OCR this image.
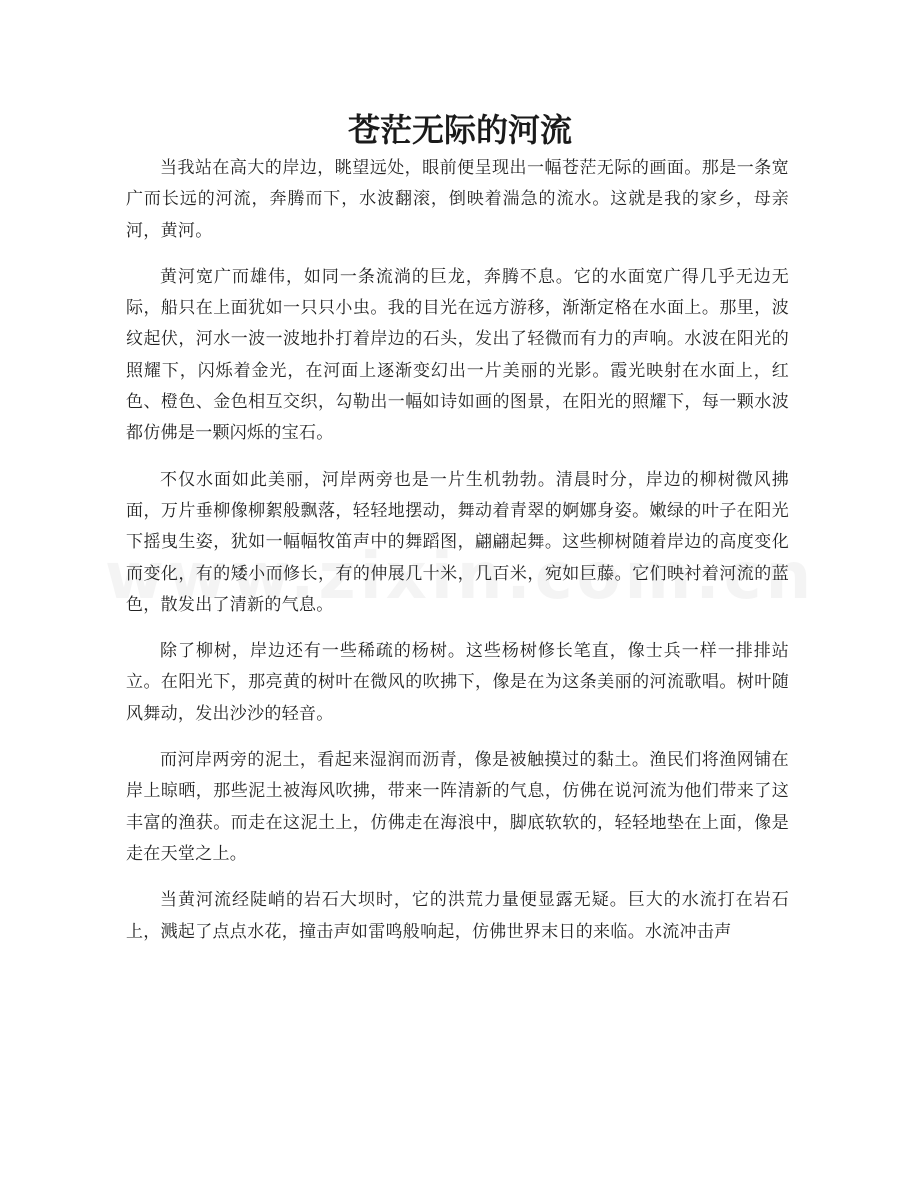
苍茫无际的河流

当我站在高大的岸边，眺望远处，眼前便呈现出一幅苍茫无际的画面。那是一条宽广而长远的河流，奔腾而下，水波翻滚，倒映着湍急的流水。这就是我的家乡，母亲河，黄河。

黄河宽广而雄伟，如同一条流淌的巨龙，奔腾不息。它的水面宽广得几乎无边无际，船只在上面犹如一只只小虫。我的目光在远方游移，渐渐定格在水面上。那里，波纹起伏，河水一波一波地扑打着岸边的石头，发出了轻微而有力的声响。水波在阳光的照耀下，闪烁着金光，在河面上逐渐变幻出一片美丽的光影。霞光映射在水面上，红色、橙色、金色相互交织，勾勒出一幅如诗如画的图景，在阳光的照耀下，每一颗水波都仿佛是一颗闪烁的宝石。

不仅水面如此美丽，河岸两旁也是一片生机勃勃。清晨时分，岸边的柳树微风拂面，万片垂柳像柳絮般飘落，轻轻地摆动，舞动着青翠的婀娜身姿。嫩绿的叶子在阳光下摇曳生姿，犹如一幅幅牧笛声中的舞蹈图，翩翩起舞。这些柳树随着岸边的高度变化而变化，有的矮小而修长，有的伸展几十米，几百米，宛如巨藤。它们映衬着河流的蓝色，散发出了清新的气息。

除了柳树，岸边还有一些稀疏的杨树。这些杨树修长笔直，像士兵一样一排排站立。在阳光下，那亮黄的树叶在微风的吹拂下，像是在为这条美丽的河流歌唱。树叶随风舞动，发出沙沙的轻音。

而河岸两旁的泥土，看起来湿润而沥青，像是被触摸过的黏土。渔民们将渔网铺在岸上晾晒，那些泥土被海风吹拂，带来一阵清新的气息，仿佛在说河流为他们带来了这丰富的渔获。而走在这泥土上，仿佛走在海浪中，脚底软软的，轻轻地垫在上面，像是走在天堂之上。

当黄河流经陡峭的岩石大坝时，它的洪荒力量便显露无疑。巨大的水流打在岩石上，溅起了点点水花，撞击声如雷鸣般响起，仿佛世界末日的来临。水流冲击声
